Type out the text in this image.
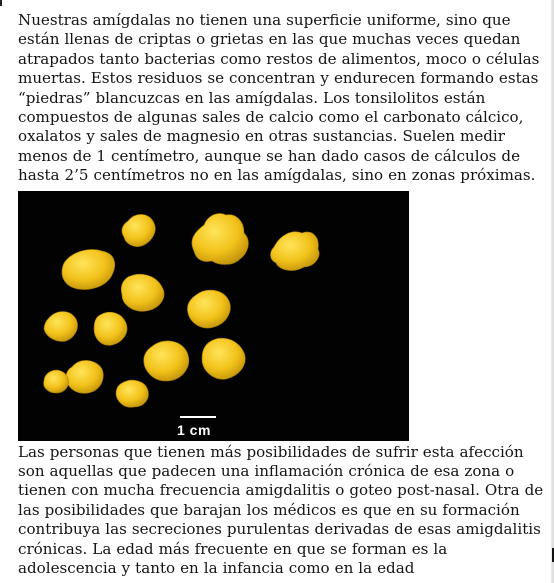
Nuestras amígdalas no tienen una superficie uniforme, sino que están llenas de criptas o grietas en las que muchas veces quedan atrapados tanto bacterias como restos de alimentos, moco o células muertas. Estos residuos se concentran y endurecen formando estas “piedras” blancuzcas en las amígdalas. Los tonsilolitos están compuestos de algunas sales de calcio como el carbonato cálcico, oxalatos y sales de magnesio en otras sustancias. Suelen medir menos de 1 centímetro, aunque se han dado casos de cálculos de hasta 2’5 centímetros no en las amígdalas, sino en zonas próximas.

1 cm

Las personas que tienen más posibilidades de sufrir esta afección son aquellas que padecen una inflamación crónica de esa zona o tienen con mucha frecuencia amigdalitis o goteo post-nasal. Otra de las posibilidades que barajan los médicos es que en su formación contribuya las secreciones purulentas derivadas de esas amigdalitis crónicas. La edad más frecuente en que se forman es la adolescencia y tanto en la infancia como en la edad
